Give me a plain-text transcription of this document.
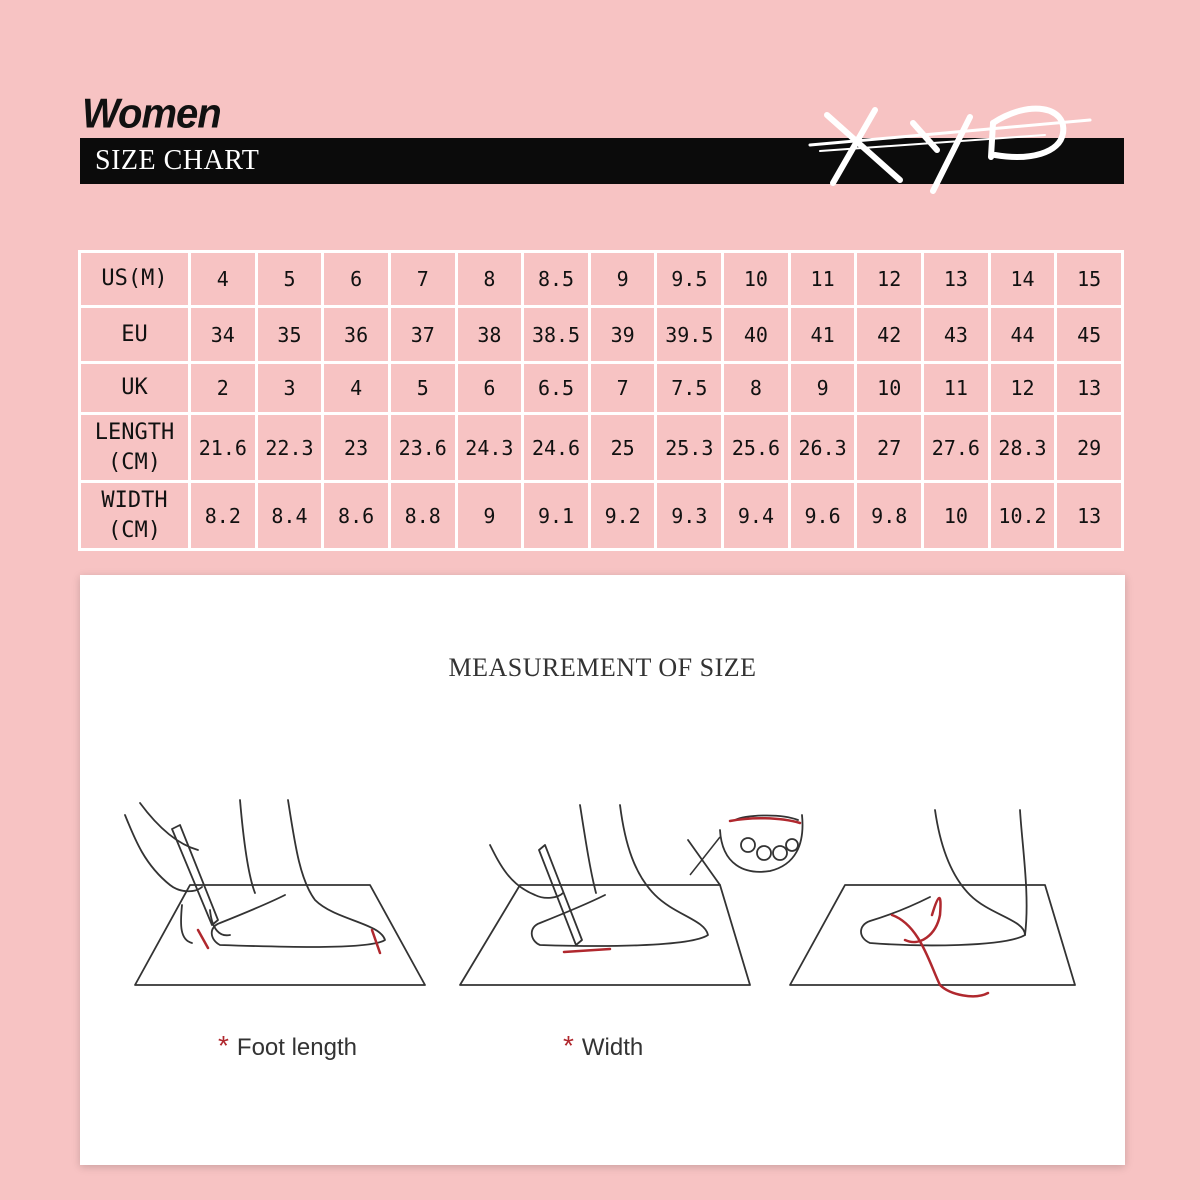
Women
SIZE CHART
US(M)	4	5	6	7	8	8.5	9	9.5	10	11	12	13	14	15

EU	34	35	36	37	38	38.5	39	39.5	40	41	42	43	44	45

UK	2	3	4	5	6	6.5	7	7.5	8	9	10	11	12	13

LENGTH
(CM)	21.6	22.3	23	23.6	24.3	24.6	25	25.3	25.6	26.3	27	27.6	28.3	29

WIDTH
(CM)	8.2	8.4	8.6	8.8	9	9.1	9.2	9.3	9.4	9.6	9.8	10	10.2	13
MEASUREMENT OF SIZE
* Foot length	* Width
